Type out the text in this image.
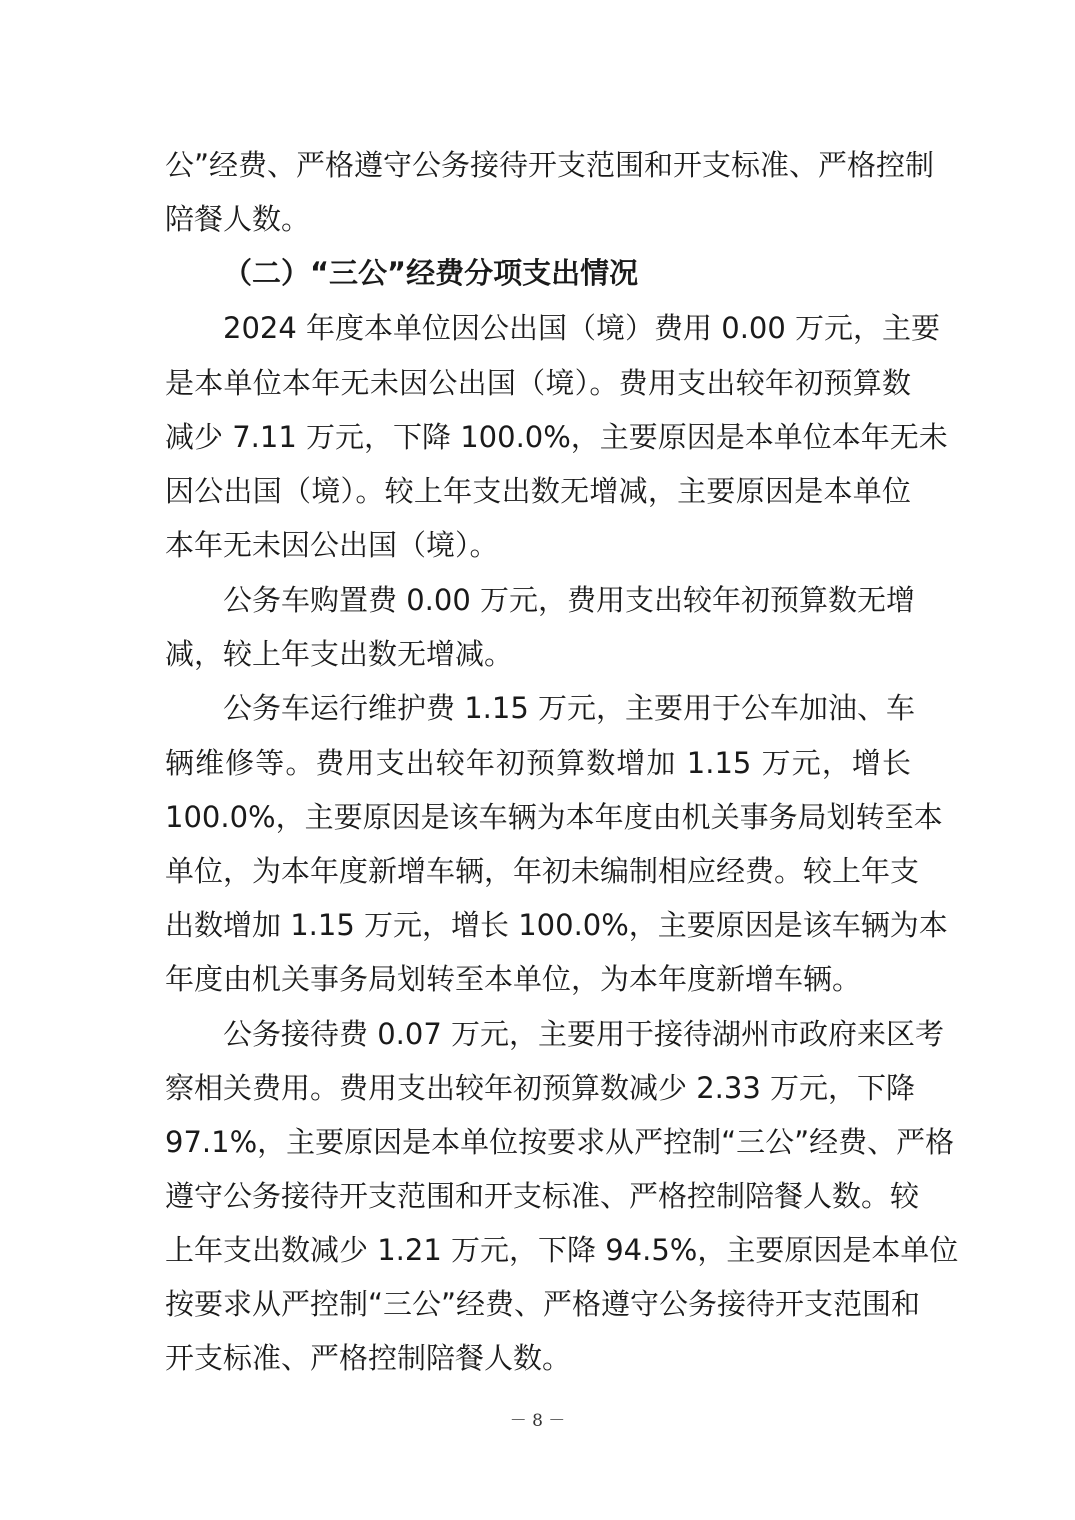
公”经费、严格遵守公务接待开支范围和开支标准、严格控制
陪餐人数。
（二）“三公”经费分项支出情况
2024 年度本单位因公出国（境）费用 0.00 万元，主要
是本单位本年无未因公出国（境）。费用支出较年初预算数
减少 7.11 万元，下降 100.0%，主要原因是本单位本年无未
因公出国（境）。较上年支出数无增减，主要原因是本单位
本年无未因公出国（境）。
公务车购置费 0.00 万元，费用支出较年初预算数无增
减，较上年支出数无增减。
公务车运行维护费 1.15 万元，主要用于公车加油、车
辆维修等。费用支出较年初预算数增加 1.15 万元，增长
100.0%，主要原因是该车辆为本年度由机关事务局划转至本
单位，为本年度新增车辆，年初未编制相应经费。较上年支
出数增加 1.15 万元，增长 100.0%，主要原因是该车辆为本
年度由机关事务局划转至本单位，为本年度新增车辆。
公务接待费 0.07 万元，主要用于接待湖州市政府来区考
察相关费用。费用支出较年初预算数减少 2.33 万元，下降
97.1%，主要原因是本单位按要求从严控制“三公”经费、严格
遵守公务接待开支范围和开支标准、严格控制陪餐人数。较
上年支出数减少 1.21 万元，下降 94.5%，主要原因是本单位
按要求从严控制“三公”经费、严格遵守公务接待开支范围和
开支标准、严格控制陪餐人数。
－ 8 －
